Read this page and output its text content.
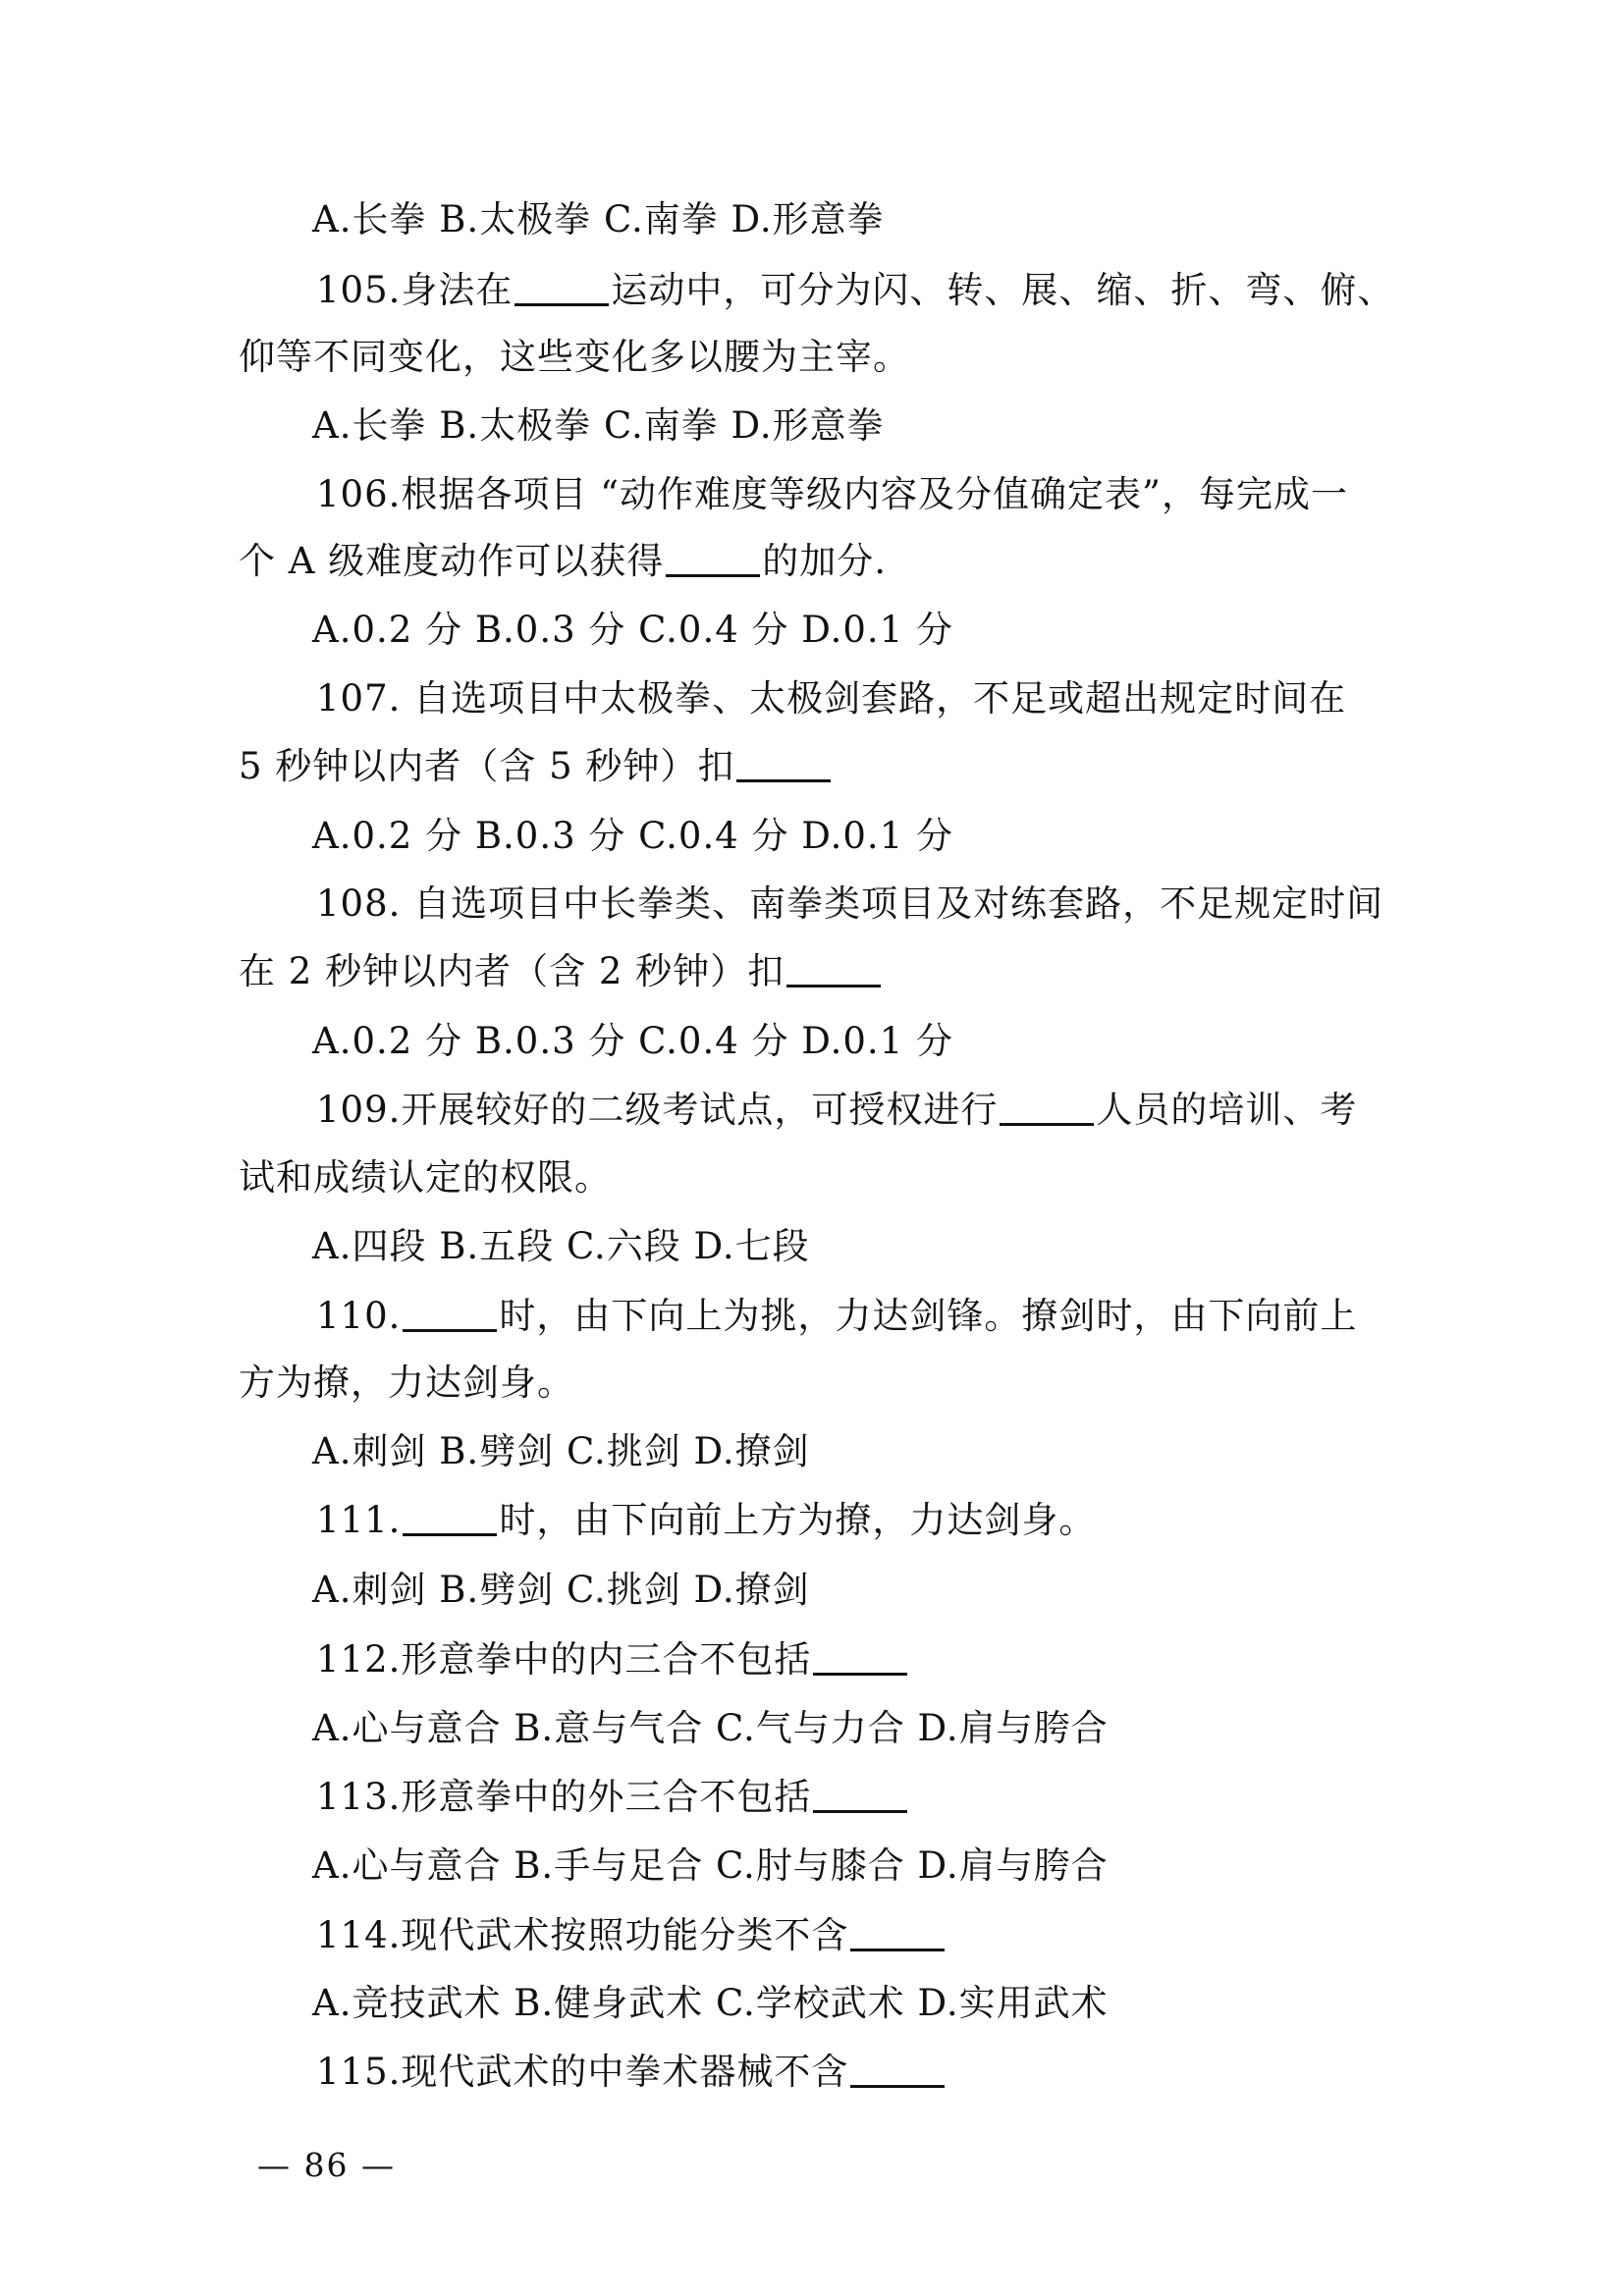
A.长拳 B.太极拳 C.南拳 D.形意拳
105.身法在	运动中，可分为闪、转、展、缩、折、弯、俯、
仰等不同变化，这些变化多以腰为主宰。
A.长拳 B.太极拳 C.南拳 D.形意拳
106.根据各项目 “动作难度等级内容及分值确定表”，每完成一
个 A 级难度动作可以获得	的加分.
A.0.2 分 B.0.3 分 C.0.4 分 D.0.1 分
107. 自选项目中太极拳、太极剑套路，不足或超出规定时间在
5 秒钟以内者（含 5 秒钟）扣
A.0.2 分 B.0.3 分 C.0.4 分 D.0.1 分
108. 自选项目中长拳类、南拳类项目及对练套路，不足规定时间
在 2 秒钟以内者（含 2 秒钟）扣
A.0.2 分 B.0.3 分 C.0.4 分 D.0.1 分
109.开展较好的二级考试点，可授权进行	人员的培训、考
试和成绩认定的权限。
A.四段 B.五段 C.六段 D.七段
110.	时，由下向上为挑，力达剑锋。撩剑时，由下向前上
方为撩，力达剑身。
A.刺剑 B.劈剑 C.挑剑 D.撩剑
111.	时，由下向前上方为撩，力达剑身。
A.刺剑 B.劈剑 C.挑剑 D.撩剑
112.形意拳中的内三合不包括
A.心与意合 B.意与气合 C.气与力合 D.肩与胯合
113.形意拳中的外三合不包括
A.心与意合 B.手与足合 C.肘与膝合 D.肩与胯合
114.现代武术按照功能分类不含
A.竞技武术 B.健身武术 C.学校武术 D.实用武术
115.现代武术的中拳术器械不含
— 86 —
